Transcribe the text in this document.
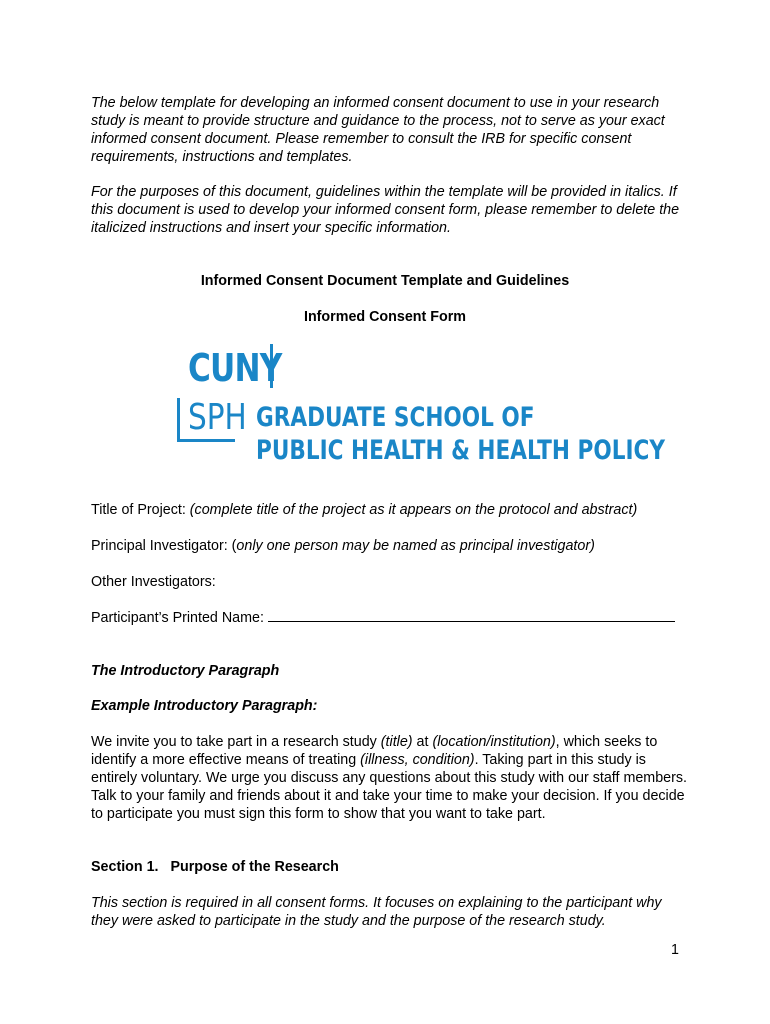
The below template for developing an informed consent document to use in your research study is meant to provide structure and guidance to the process, not to serve as your exact informed consent document. Please remember to consult the IRB for specific consent requirements, instructions and templates.
For the purposes of this document, guidelines within the template will be provided in italics. If this document is used to develop your informed consent form, please remember to delete the italicized instructions and insert your specific information.
Informed Consent Document Template and Guidelines
Informed Consent Form
CUNY
SPH GRADUATE SCHOOL OF
PUBLIC HEALTH & HEALTH POLICY
Title of Project: (complete title of the project as it appears on the protocol and abstract)
Principal Investigator: (only one person may be named as principal investigator)
Other Investigators:
Participant’s Printed Name:
The Introductory Paragraph
Example Introductory Paragraph:
We invite you to take part in a research study (title) at (location/institution), which seeks to identify a more effective means of treating (illness, condition). Taking part in this study is entirely voluntary. We urge you discuss any questions about this study with our staff members. Talk to your family and friends about it and take your time to make your decision. If you decide to participate you must sign this form to show that you want to take part.
Section 1.   Purpose of the Research
This section is required in all consent forms. It focuses on explaining to the participant why they were asked to participate in the study and the purpose of the research study.
1
